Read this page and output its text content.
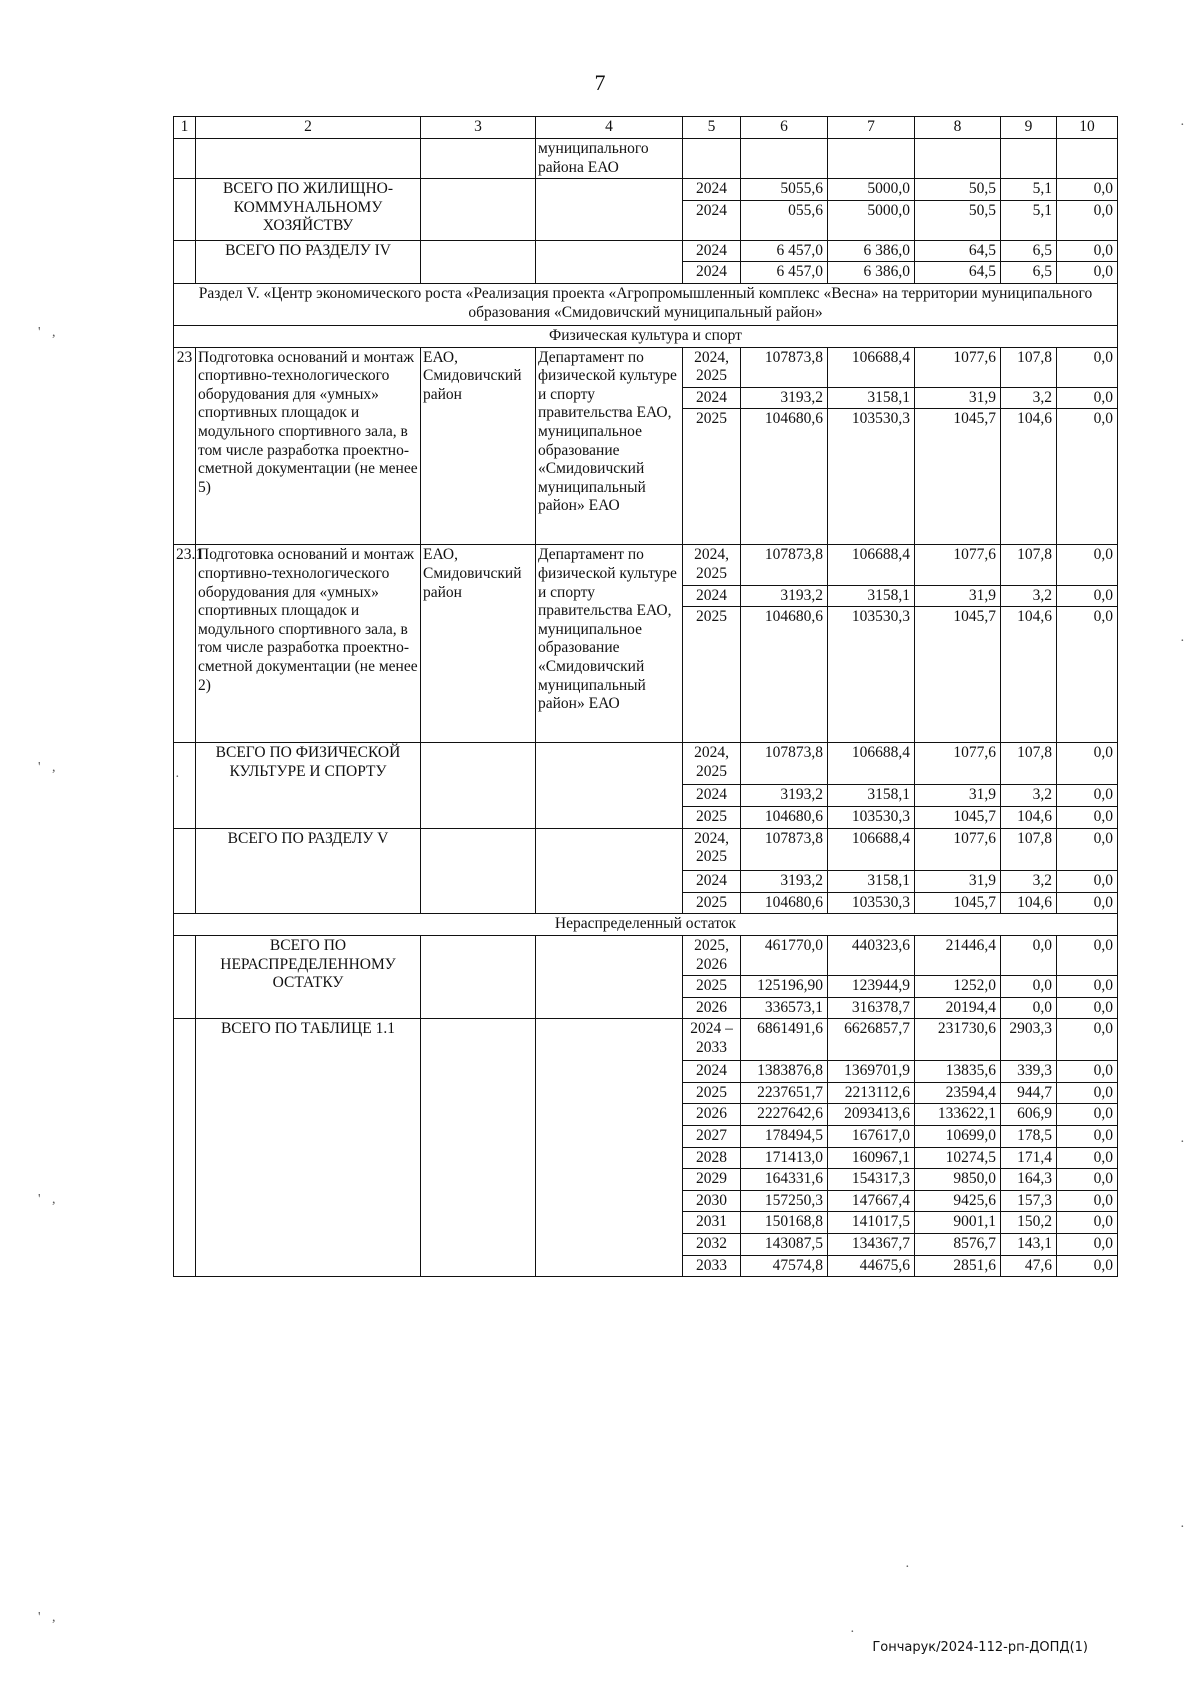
7
1	2	3	4	5	6	7	8	9	10
			муниципального района ЕАО						
	ВСЕГО ПО ЖИЛИЩНО-КОММУНАЛЬНОМУ ХОЗЯЙСТВУ			2024	5055,6	5000,0	50,5	5,1	0,0
				2024	055,6	5000,0	50,5	5,1	0,0
	ВСЕГО ПО РАЗДЕЛУ IV			2024	6 457,0	6 386,0	64,5	6,5	0,0
				2024	6 457,0	6 386,0	64,5	6,5	0,0
Раздел V. «Центр экономического роста «Реализация проекта «Агропромышленный комплекс «Весна» на территории муниципального образования «Смидовичский муниципальный район»									
Физическая культура и спорт									
23	Подготовка оснований и монтаж спортивно-технологического оборудования для «умных» спортивных площадок и модульного спортивного зала, в том числе разработка проектно-сметной документации (не менее 5)	ЕАО, Смидовичский район	Департамент по физической культуре и спорту правительства ЕАО, муниципальное образование «Смидовичский муниципальный район» ЕАО	2024, 2025	107873,8	106688,4	1077,6	107,8	0,0
				2024	3193,2	3158,1	31,9	3,2	0,0
				2025	104680,6	103530,3	1045,7	104,6	0,0
23.1	Подготовка оснований и монтаж спортивно-технологического оборудования для «умных» спортивных площадок и модульного спортивного зала, в том числе разработка проектно-сметной документации (не менее 2)	ЕАО, Смидовичский район	Департамент по физической культуре и спорту правительства ЕАО, муниципальное образование «Смидовичский муниципальный район» ЕАО	2024, 2025	107873,8	106688,4	1077,6	107,8	0,0
				2024	3193,2	3158,1	31,9	3,2	0,0
				2025	104680,6	103530,3	1045,7	104,6	0,0
	ВСЕГО ПО ФИЗИЧЕСКОЙ КУЛЬТУРЕ И СПОРТУ			2024, 2025	107873,8	106688,4	1077,6	107,8	0,0
				2024	3193,2	3158,1	31,9	3,2	0,0
				2025	104680,6	103530,3	1045,7	104,6	0,0
	ВСЕГО ПО РАЗДЕЛУ V			2024, 2025	107873,8	106688,4	1077,6	107,8	0,0
				2024	3193,2	3158,1	31,9	3,2	0,0
				2025	104680,6	103530,3	1045,7	104,6	0,0
Нераспределенный остаток									
	ВСЕГО ПО НЕРАСПРЕДЕЛЕННОМУ ОСТАТКУ			2025, 2026	461770,0	440323,6	21446,4	0,0	0,0
				2025	125196,90	123944,9	1252,0	0,0	0,0
				2026	336573,1	316378,7	20194,4	0,0	0,0
	ВСЕГО ПО ТАБЛИЦЕ 1.1			2024 – 2033	6861491,6	6626857,7	231730,6	2903,3	0,0
				2024	1383876,8	1369701,9	13835,6	339,3	0,0
				2025	2237651,7	2213112,6	23594,4	944,7	0,0
				2026	2227642,6	2093413,6	133622,1	606,9	0,0
				2027	178494,5	167617,0	10699,0	178,5	0,0
				2028	171413,0	160967,1	10274,5	171,4	0,0
				2029	164331,6	154317,3	9850,0	164,3	0,0
				2030	157250,3	147667,4	9425,6	157,3	0,0
				2031	150168,8	141017,5	9001,1	150,2	0,0
				2032	143087,5	134367,7	8576,7	143,1	0,0
				2033	47574,8	44675,6	2851,6	47,6	0,0
Гончарук/2024-112-рп-ДОПД(1)
·
' ,
·
·
' ,
·
' ,
·
·
' ,
·
